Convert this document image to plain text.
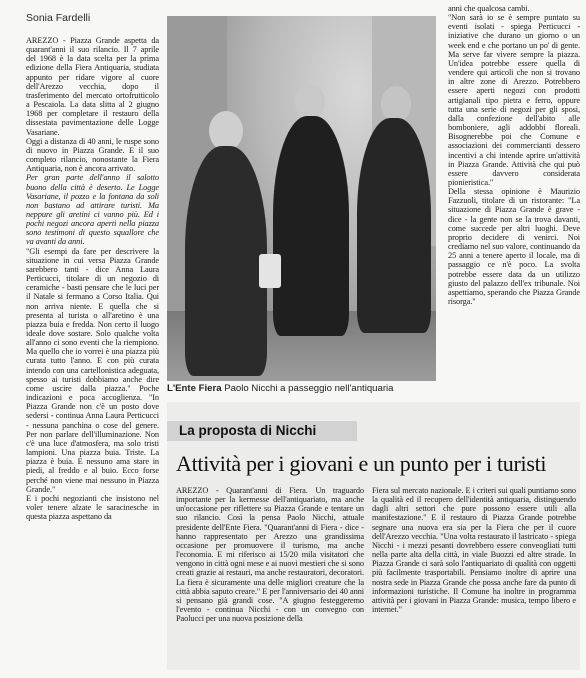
Sonia Fardelli

AREZZO - Piazza Grande aspetta da quarant'anni il suo rilancio. Il 7 aprile del 1968 è la data scelta per la prima edizione della Fiera Antiquaria, studiata appunto per ridare vigore al cuore dell'Arezzo vecchia, dopo il trasferimento del mercato ortofrutticolo a Pescaiola. La data slitta al 2 giugno 1968 per completare il restauro della dissestata pavimentazione delle Logge Vasariane.

Oggi a distanza di 40 anni, le ruspe sono di nuovo in Piazza Grande. E il suo completo rilancio, nonostante la Fiera Antiquaria, non è ancora arrivato.

Per gran parte dell'anno il salotto buono della città è deserto. Le Logge Vasariane, il pozzo e la fontana da soli non bastano ad attirare turisti. Ma neppure gli aretini ci vanno più. Ed i pochi negozi ancora aperti nella piazza sono testimoni di questo squallore che va avanti da anni.

"Gli esempi da fare per descrivere la situazione in cui versa Piazza Grande sarebbero tanti - dice Anna Laura Perticucci, titolare di un negozio di ceramiche - basti pensare che le luci per il Natale si fermano a Corso Italia. Qui non arriva niente. E quella che si presenta al turista o all'aretino è una piazza buia e fredda. Non certo il luogo ideale dove sostare. Solo qualche volta all'anno ci sono eventi che la riempiono. Ma quello che io vorrei è una piazza più curata tutto l'anno. E con più curata intendo con una cartellonistica adeguata, spesso ai turisti dobbiamo anche dire come uscire dalla piazza." Poche indicazioni e poca accoglienza. "In Piazza Grande non c'è un posto dove sedersi - continua Anna Laura Perticucci - nessuna panchina o cose del genere. Per non parlare dell'illuminazione. Non c'è una luce d'atmosfera, ma solo tristi lampioni. Una piazza buia. Triste. La piazza è buia. E nessuno ama stare in piedi, al freddo e al buio. Ecco forse perché non viene mai nessuno in Piazza Grande."

E i pochi negozianti che insistono nel voler tenere alzate le saracinesche in questa piazza aspettano da

L'Ente Fiera Paolo Nicchi a passeggio nell'antiquaria

anni che qualcosa cambi.

"Non sarà io se è sempre puntato su eventi isolati - spiega Perticucci - iniziative che durano un giorno o un week end e che portano un po' di gente. Ma serve far vivere sempre la piazza. Un'idea potrebbe essere quella di vendere qui articoli che non si trovano in altre zone di Arezzo. Potrebbero essere aperti negozi con prodotti artigianali tipo pietra e ferro, oppure tutta una serie di negozi per gli sposi, dalla confezione dell'abito alle bomboniere, agli addobbi floreali. Bisognerebbe poi che Comune e associazioni dei commercianti dessero incentivi a chi intende aprire un'attività in Piazza Grande. Attività che qui può essere davvero considerata pionieristica."

Della stessa opinione è Maurizio Fazzuoli, titolare di un ristorante: "La situazione di Piazza Grande è grave - dice - la gente non se la trova davanti, come succede per altri luoghi. Deve proprio decidere di venirci. Noi crediamo nel suo valore, continuando da 25 anni a tenere aperto il locale, ma di passaggio ce n'è poco. La svolta potrebbe essere data da un utilizzo giusto del palazzo dell'ex tribunale. Noi aspettiamo, sperando che Piazza Grande risorga."

La proposta di Nicchi
Attività per i giovani e un punto per i turisti

AREZZO - Quarant'anni di Fiera. Un traguardo importante per la kermesse dell'antiquariato, ma anche un'occasione per riflettere su Piazza Grande e tentare un suo rilancio. Così la pensa Paolo Nicchi, attuale presidente dell'Ente Fiera. "Quarant'anni di Fiera - dice - hanno rappresentato per Arezzo una grandissima occasione per promuovere il turismo, ma anche l'economia. E mi riferisco ai 15/20 mila visitatori che vengono in città ogni mese e ai nuovi mestieri che si sono creati grazie ai restauri, ma anche restauratori, decoratori. La fiera è sicuramente una delle migliori creature che la città abbia saputo creare." E per l'anniversario dei 40 anni si pensano già grandi cose. "A giugno festeggeremo l'evento - continua Nicchi - con un convegno con Paolucci per una nuova posizione della

Fiera sul mercato nazionale. E i criteri sui quali puntiamo sono la qualità ed il recupero dell'identità antiquaria, distinguendo dagli altri settori che pure possono essere utili alla manifestazione." E il restauro di Piazza Grande potrebbe segnare una nuova era sia per la Fiera che per il cuore dell'Arezzo vecchia. "Una volta restaurato il lastricato - spiega Nicchi - i mezzi pesanti dovrebbero essere conveogliati tutti nella parte alta della città, in viale Buozzi ed altre strade. In Piazza Grande ci sarà solo l'antiquariato di qualità con oggetti più facilmente trasportabili. Pensiamo inoltre di aprire una nostra sede in Piazza Grande che possa anche fare da punto di informazioni turistiche. Il Comune ha inoltre in programma attività per i giovani in Piazza Grande: musica, tempo libero e internet."
